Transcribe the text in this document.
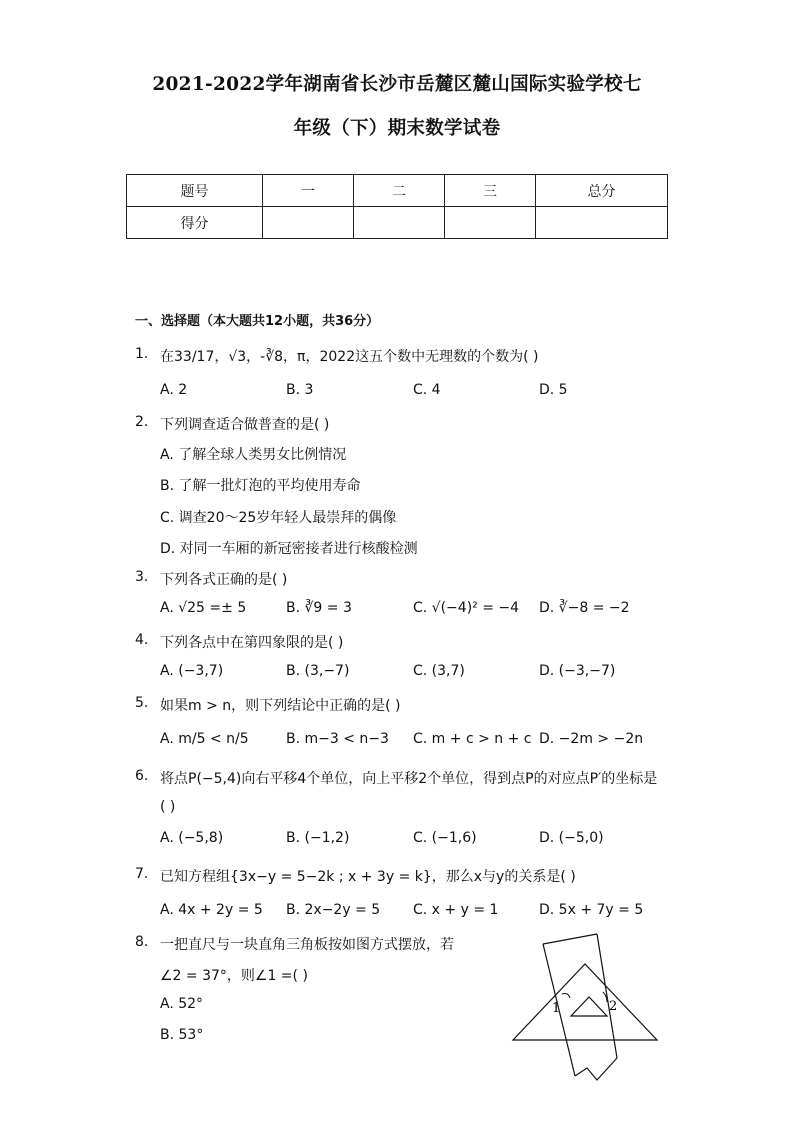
2021-2022学年湖南省长沙市岳麓区麓山国际实验学校七
年级（下）期末数学试卷
题号	一	二	三	总分
得分				
一、选择题（本大题共12小题，共36分）
1. 在33/17，√3，-∛8，π，2022这五个数中无理数的个数为( )
A. 2	B. 3	C. 4	D. 5
2. 下列调查适合做普查的是( )
A. 了解全球人类男女比例情况
B. 了解一批灯泡的平均使用寿命
C. 调查20～25岁年轻人最崇拜的偶像
D. 对同一车厢的新冠密接者进行核酸检测
3. 下列各式正确的是( )
A. √25 =± 5	B. ∛9 = 3	C. √(−4)² = −4 D. ∛−8 = −2
4. 下列各点中在第四象限的是( )
A. (−3,7)	B. (3,−7)	C. (3,7)	D. (−3,−7)
5. 如果m > n，则下列结论中正确的是( )
A. m/5 < n/5	B. m−3 < n−3 C. m + c > n + c D. −2m > −2n
6. 将点P(−5,4)向右平移4个单位，向上平移2个单位，得到点P的对应点P′的坐标是
( )
A. (−5,8)	B. (−1,2)	C. (−1,6)	D. (−5,0)
7. 已知方程组{3x−y = 5−2k ; x + 3y = k}，那么x与y的关系是( )
A. 4x + 2y = 5 B. 2x−2y = 5 C. x + y = 1	D. 5x + 7y = 5
8. 一把直尺与一块直角三角板按如图方式摆放，若
∠2 = 37°，则∠1 =( )
A. 52°
B. 53°
1	2
